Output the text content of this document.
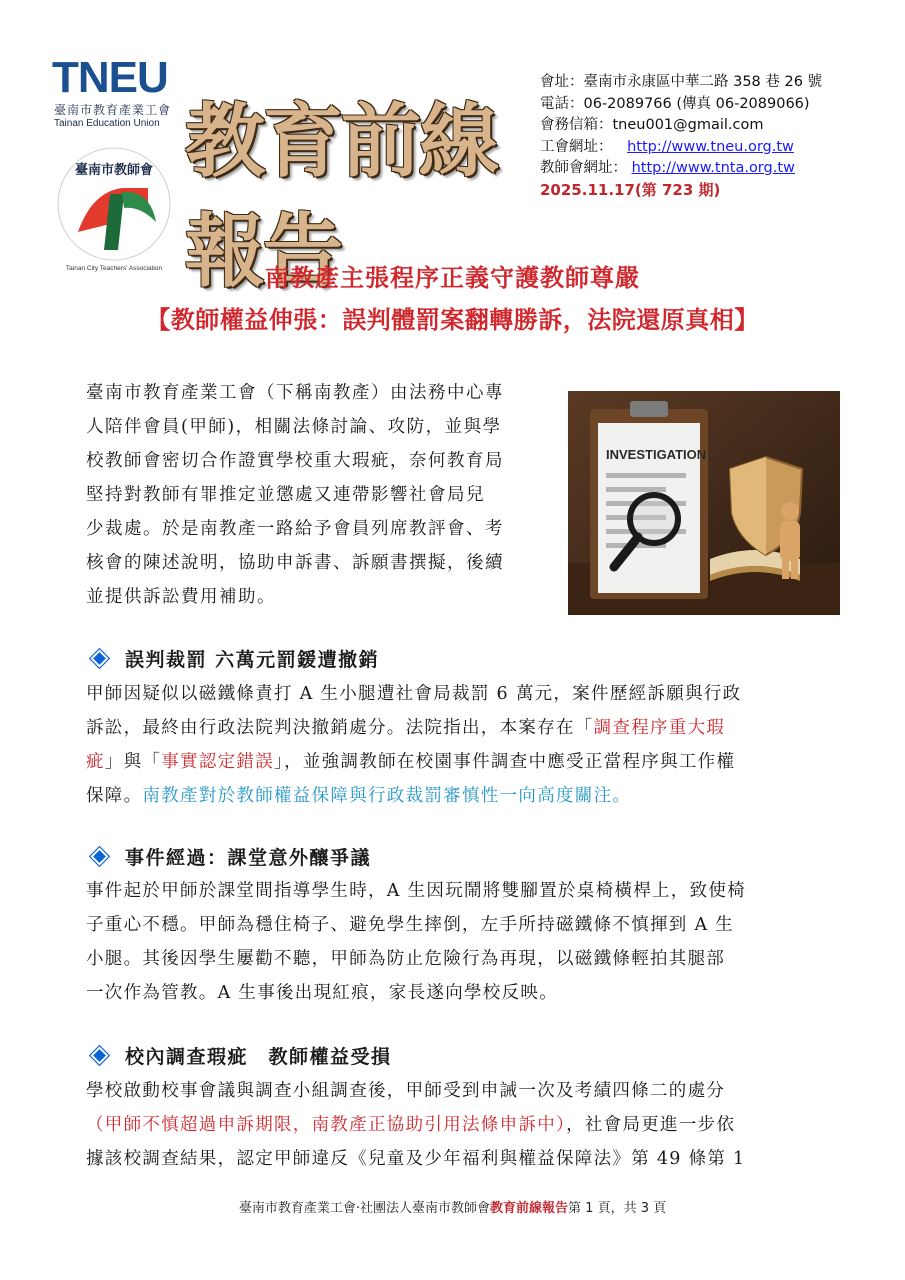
TNEU
臺南市教育產業工會
Tainan Education Union
臺南市教師會
Tainan City Teachers' Association
教育前線報告
會址：臺南市永康區中華二路 358 巷 26 號
電話：06-2089766 (傳真 06-2089066)
會務信箱：tneu001@gmail.com
工會網址： http://www.tneu.org.tw
教師會網址： http://www.tnta.org.tw
2025.11.17(第 723 期)
南教產主張程序正義守護教師尊嚴
【教師權益伸張：誤判體罰案翻轉勝訴，法院還原真相】

臺南市教育產業工會（下稱南教產）由法務中心專

人陪伴會員(甲師)，相關法條討論、攻防，並與學

校教師會密切合作證實學校重大瑕疵，奈何教育局

堅持對教師有罪推定並懲處又連帶影響社會局兒

少裁處。於是南教產一路給予會員列席教評會、考

核會的陳述說明，協助申訴書、訴願書撰擬，後續

並提供訴訟費用補助。

INVESTIGATION
誤判裁罰 六萬元罰鍰遭撤銷

甲師因疑似以磁鐵條責打 A 生小腿遭社會局裁罰 6 萬元，案件歷經訴願與行政

訴訟，最終由行政法院判決撤銷處分。法院指出，本案存在「調查程序重大瑕

疵」與「事實認定錯誤」，並強調教師在校園事件調查中應受正當程序與工作權

保障。南教產對於教師權益保障與行政裁罰審慎性一向高度關注。

事件經過：課堂意外釀爭議

事件起於甲師於課堂間指導學生時，A 生因玩鬧將雙腳置於桌椅橫桿上，致使椅

子重心不穩。甲師為穩住椅子、避免學生摔倒，左手所持磁鐵條不慎揮到 A 生

小腿。其後因學生屢勸不聽，甲師為防止危險行為再現，以磁鐵條輕拍其腿部

一次作為管教。A 生事後出現紅痕，家長遂向學校反映。

校內調查瑕疵　教師權益受損

學校啟動校事會議與調查小組調查後，甲師受到申誡一次及考績四條二的處分

（甲師不慎超過申訴期限，南教產正協助引用法條申訴中），社會局更進一步依

據該校調查結果，認定甲師違反《兒童及少年福利與權益保障法》第 49 條第 1

臺南市教育產業工會‧社團法人臺南市教師會教育前線報告第 1 頁，共 3 頁
